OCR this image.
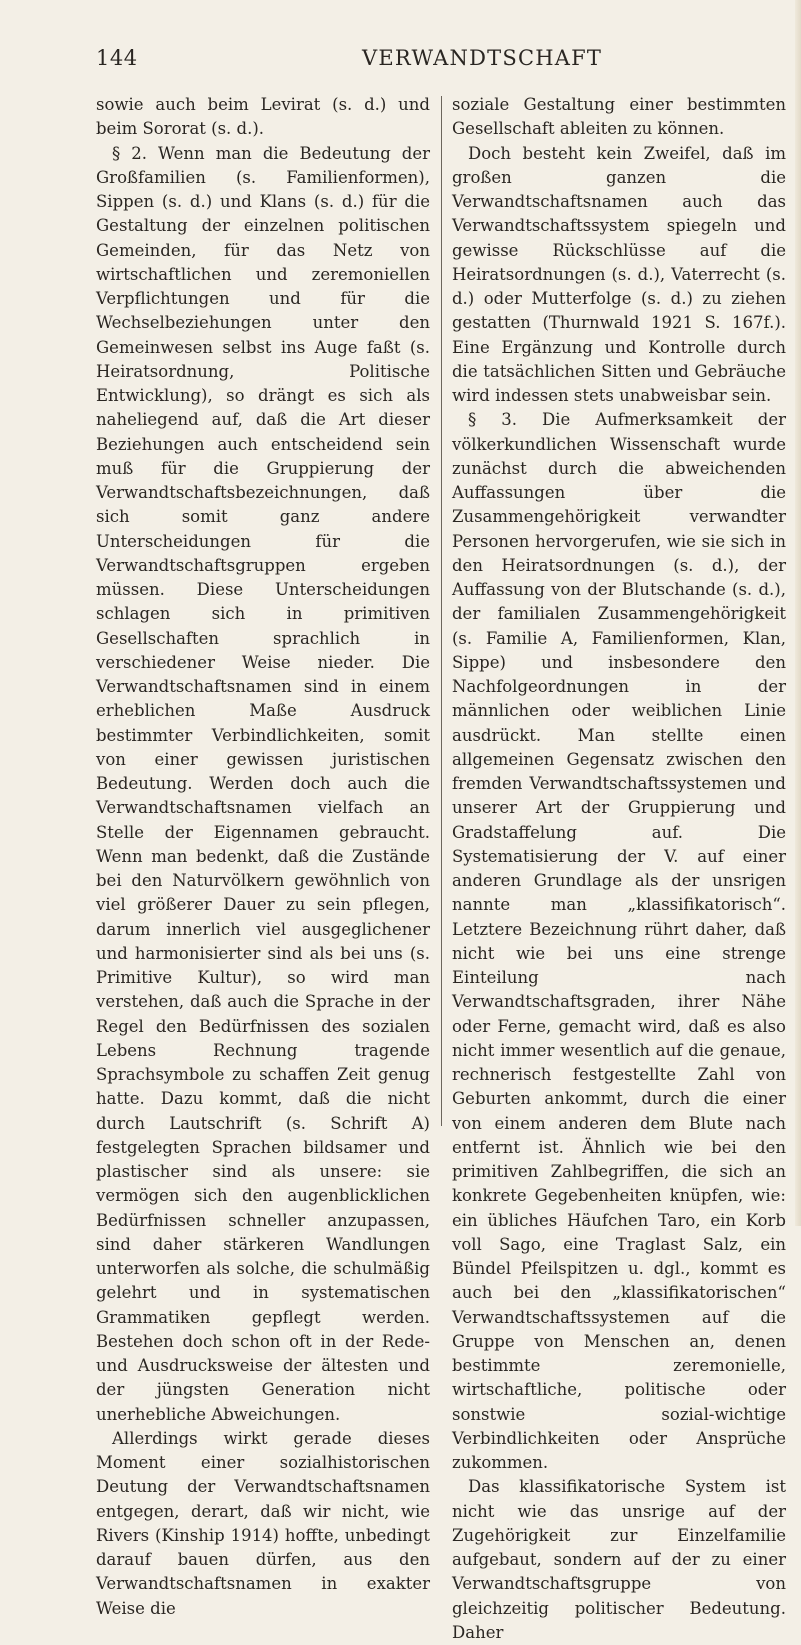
144	VERWANDTSCHAFT

sowie auch beim Levirat (s. d.) und beim Sororat (s. d.).

§ 2. Wenn man die Bedeutung der Großfamilien (s. Familienformen), Sippen (s. d.) und Klans (s. d.) für die Gestaltung der einzelnen politischen Gemeinden, für das Netz von wirtschaftlichen und zeremoniellen Verpflichtungen und für die Wechselbeziehungen unter den Gemeinwesen selbst ins Auge faßt (s. Heiratsordnung, Politische Entwicklung), so drängt es sich als naheliegend auf, daß die Art dieser Beziehungen auch entscheidend sein muß für die Gruppierung der Verwandtschaftsbezeichnungen, daß sich somit ganz andere Unterscheidungen für die Verwandtschaftsgruppen ergeben müssen. Diese Unterscheidungen schlagen sich in primitiven Gesellschaften sprachlich in verschiedener Weise nieder. Die Verwandtschaftsnamen sind in einem erheblichen Maße Ausdruck bestimmter Verbindlichkeiten, somit von einer gewissen juristischen Bedeutung. Werden doch auch die Verwandtschaftsnamen vielfach an Stelle der Eigennamen gebraucht. Wenn man bedenkt, daß die Zustände bei den Naturvölkern gewöhnlich von viel größerer Dauer zu sein pflegen, darum innerlich viel ausgeglichener und harmonisierter sind als bei uns (s. Primitive Kultur), so wird man verstehen, daß auch die Sprache in der Regel den Bedürfnissen des sozialen Lebens Rechnung tragende Sprachsymbole zu schaffen Zeit genug hatte. Dazu kommt, daß die nicht durch Lautschrift (s. Schrift A) festgelegten Sprachen bildsamer und plastischer sind als unsere: sie vermögen sich den augenblicklichen Bedürfnissen schneller anzupassen, sind daher stärkeren Wandlungen unterworfen als solche, die schulmäßig gelehrt und in systematischen Grammatiken gepflegt werden. Bestehen doch schon oft in der Rede- und Ausdrucksweise der ältesten und der jüngsten Generation nicht unerhebliche Abweichungen.

Allerdings wirkt gerade dieses Moment einer sozialhistorischen Deutung der Verwandtschaftsnamen entgegen, derart, daß wir nicht, wie Rivers (Kinship 1914) hoffte, unbedingt darauf bauen dürfen, aus den Verwandtschaftsnamen in exakter Weise die

soziale Gestaltung einer bestimmten Gesellschaft ableiten zu können.

Doch besteht kein Zweifel, daß im großen ganzen die Verwandtschaftsnamen auch das Verwandtschaftssystem spiegeln und gewisse Rückschlüsse auf die Heiratsordnungen (s. d.), Vaterrecht (s. d.) oder Mutterfolge (s. d.) zu ziehen gestatten (Thurnwald 1921 S. 167f.). Eine Ergänzung und Kontrolle durch die tatsächlichen Sitten und Gebräuche wird indessen stets unabweisbar sein.

§ 3. Die Aufmerksamkeit der völkerkundlichen Wissenschaft wurde zunächst durch die abweichenden Auffassungen über die Zusammengehörigkeit verwandter Personen hervorgerufen, wie sie sich in den Heiratsordnungen (s. d.), der Auffassung von der Blutschande (s. d.), der familialen Zusammengehörigkeit (s. Familie A, Familienformen, Klan, Sippe) und insbesondere den Nachfolgeordnungen in der männlichen oder weiblichen Linie ausdrückt. Man stellte einen allgemeinen Gegensatz zwischen den fremden Verwandtschaftssystemen und unserer Art der Gruppierung und Gradstaffelung auf. Die Systematisierung der V. auf einer anderen Grundlage als der unsrigen nannte man „klassifikatorisch“. Letztere Bezeichnung rührt daher, daß nicht wie bei uns eine strenge Einteilung nach Verwandtschaftsgraden, ihrer Nähe oder Ferne, gemacht wird, daß es also nicht immer wesentlich auf die genaue, rechnerisch festgestellte Zahl von Geburten ankommt, durch die einer von einem anderen dem Blute nach entfernt ist. Ähnlich wie bei den primitiven Zahlbegriffen, die sich an konkrete Gegebenheiten knüpfen, wie: ein übliches Häufchen Taro, ein Korb voll Sago, eine Traglast Salz, ein Bündel Pfeilspitzen u. dgl., kommt es auch bei den „klassifikatorischen“ Verwandtschaftssystemen auf die Gruppe von Menschen an, denen bestimmte zeremonielle, wirtschaftliche, politische oder sonstwie sozial-wichtige Verbindlichkeiten oder Ansprüche zukommen.

Das klassifikatorische System ist nicht wie das unsrige auf der Zugehörigkeit zur Einzelfamilie aufgebaut, sondern auf der zu einer Verwandtschaftsgruppe von gleichzeitig politischer Bedeutung. Daher
